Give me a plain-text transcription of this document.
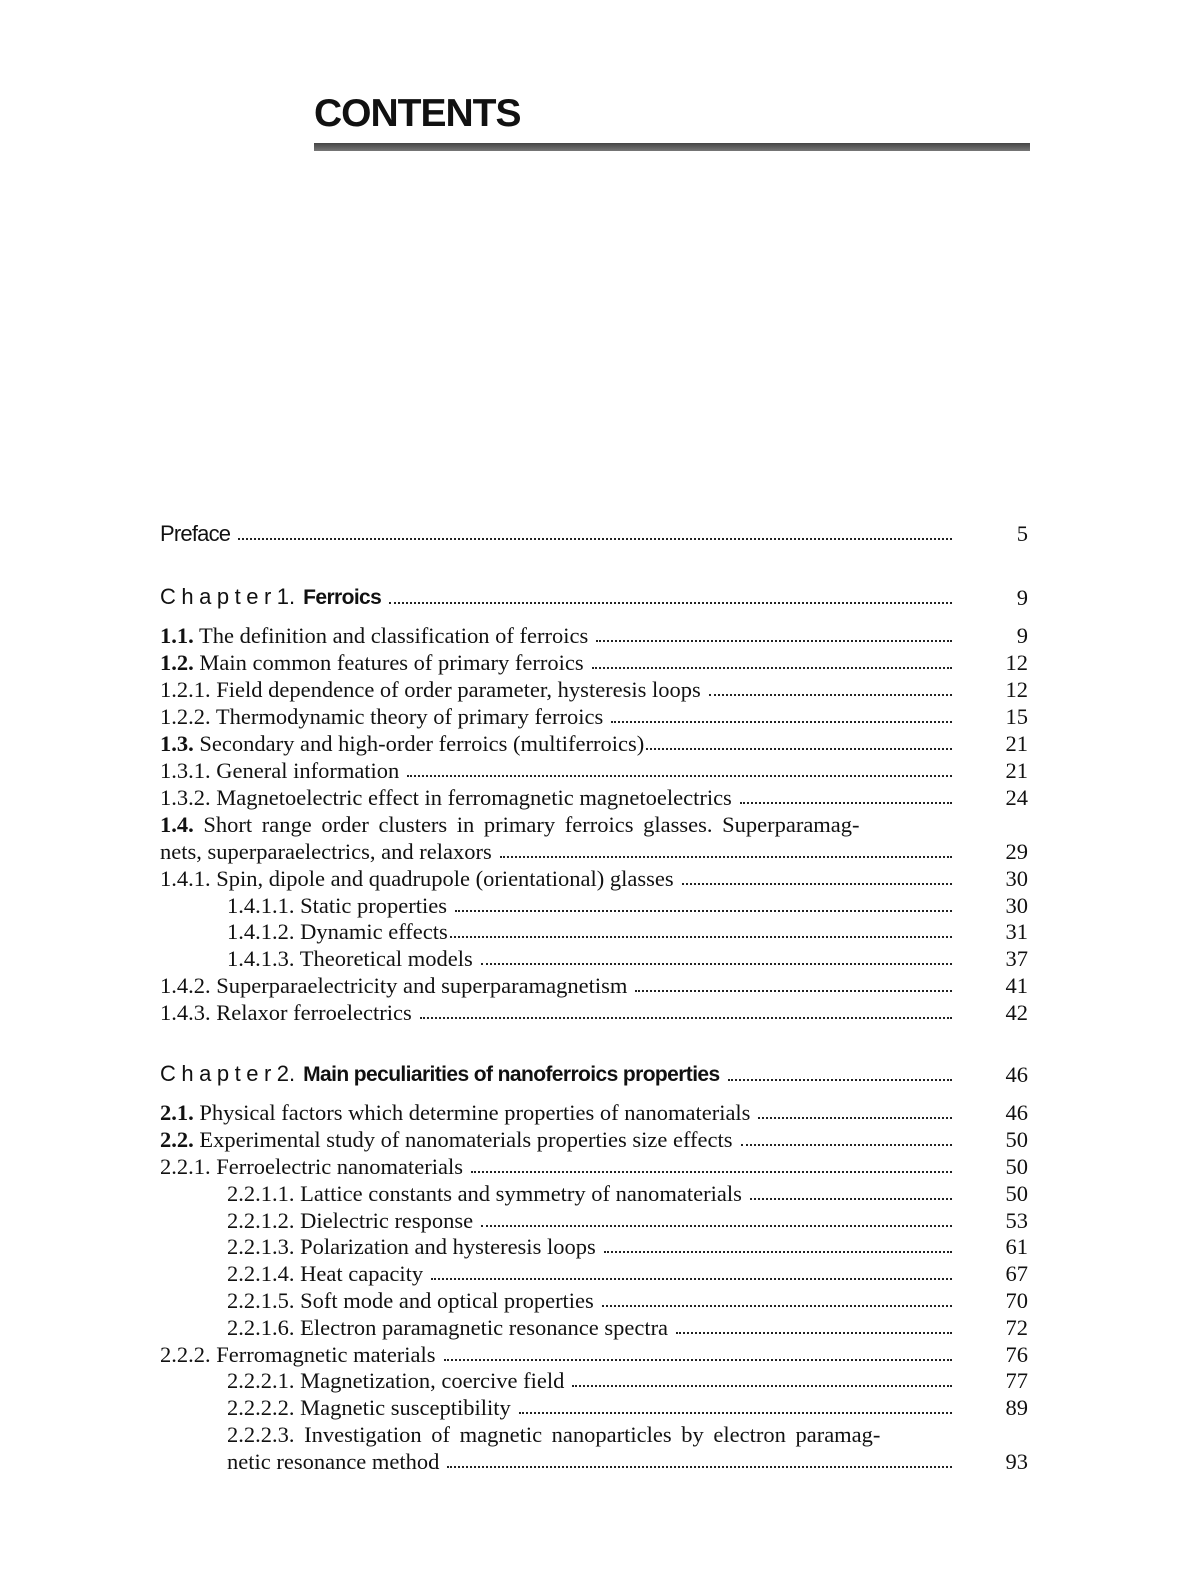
CONTENTS
Preface	5
Chapter1. Ferroics	9
1.1. The definition and classification of ferroics	9
1.2. Main common features of primary ferroics	12
1.2.1. Field dependence of order parameter, hysteresis loops	12
1.2.2. Thermodynamic theory of primary ferroics	15
1.3. Secondary and high-order ferroics (multiferroics)	21
1.3.1. General information	21
1.3.2. Magnetoelectric effect in ferromagnetic magnetoelectrics	24
1.4. Short range order clusters in primary ferroics glasses. Superparamag-
nets, superparaelectrics, and relaxors	29
1.4.1. Spin, dipole and quadrupole (orientational) glasses	30
1.4.1.1. Static properties	30
1.4.1.2. Dynamic effects	31
1.4.1.3. Theoretical models	37
1.4.2. Superparaelectricity and superparamagnetism	41
1.4.3. Relaxor ferroelectrics	42
Chapter2. Main peculiarities of nanoferroics properties	46
2.1. Physical factors which determine properties of nanomaterials	46
2.2. Experimental study of nanomaterials properties size effects	50
2.2.1. Ferroelectric nanomaterials	50
2.2.1.1. Lattice constants and symmetry of nanomaterials	50
2.2.1.2. Dielectric response	53
2.2.1.3. Polarization and hysteresis loops	61
2.2.1.4. Heat capacity	67
2.2.1.5. Soft mode and optical properties	70
2.2.1.6. Electron paramagnetic resonance spectra	72
2.2.2. Ferromagnetic materials	76
2.2.2.1. Magnetization, coercive field	77
2.2.2.2. Magnetic susceptibility	89
2.2.2.3. Investigation of magnetic nanoparticles by electron paramag-
netic resonance method	93
